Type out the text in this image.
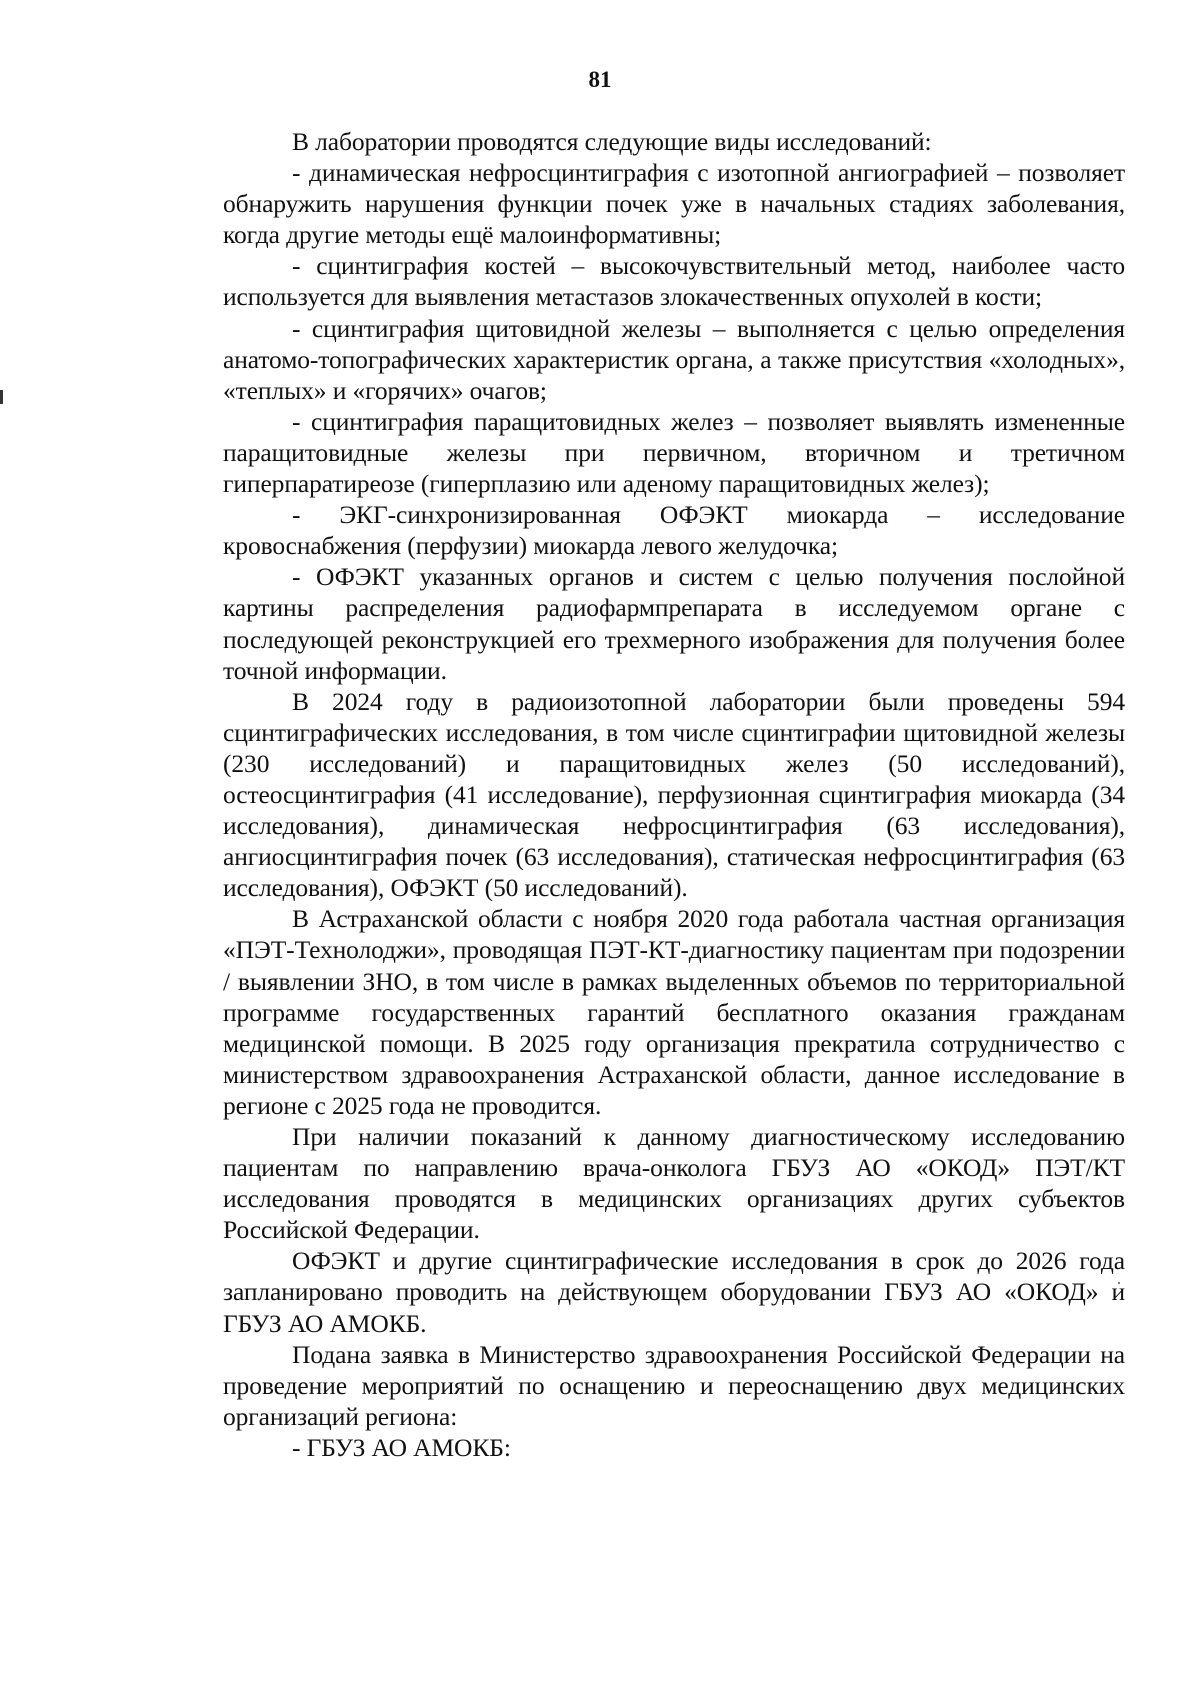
81

В лаборатории проводятся следующие виды исследований:

- динамическая нефросцинтиграфия с изотопной ангиографией – позволяет обнаружить нарушения функции почек уже в начальных стадиях заболевания, когда другие методы ещё малоинформативны;

- сцинтиграфия костей – высокочувствительный метод, наиболее часто используется для выявления метастазов злокачественных опухолей в кости;

- сцинтиграфия щитовидной железы – выполняется с целью определения анатомо-топографических характеристик органа, а также присутствия «холодных», «теплых» и «горячих» очагов;

- сцинтиграфия паращитовидных желез – позволяет выявлять измененные паращитовидные железы при первичном, вторичном и третичном гиперпаратиреозе (гиперплазию или аденому паращитовидных желез);

- ЭКГ-синхронизированная ОФЭКТ миокарда – исследование кровоснабжения (перфузии) миокарда левого желудочка;

- ОФЭКТ указанных органов и систем с целью получения послойной картины распределения радиофармпрепарата в исследуемом органе с последующей реконструкцией его трехмерного изображения для получения более точной информации.

В 2024 году в радиоизотопной лаборатории были проведены 594 сцинтиграфических исследования, в том числе сцинтиграфии щитовидной железы (230 исследований) и паращитовидных желез (50 исследований), остеосцинтиграфия (41 исследование), перфузионная сцинтиграфия миокарда (34 исследования), динамическая нефросцинтиграфия (63 исследования), ангиосцинтиграфия почек (63 исследования), статическая нефросцинтиграфия (63 исследования), ОФЭКТ (50 исследований).

В Астраханской области с ноября 2020 года работала частная организация «ПЭТ-Технолоджи», проводящая ПЭТ-КТ-диагностику пациентам при подозрении / выявлении ЗНО, в том числе в рамках выделенных объемов по территориальной программе государственных гарантий бесплатного оказания гражданам медицинской помощи. В 2025 году организация прекратила сотрудничество с министерством здравоохранения Астраханской области, данное исследование в регионе с 2025 года не проводится.

При наличии показаний к данному диагностическому исследованию пациентам по направлению врача-онколога ГБУЗ АО «ОКОД» ПЭТ/КТ исследования проводятся в медицинских организациях других субъектов Российской Федерации.

ОФЭКТ и другие сцинтиграфические исследования в срок до 2026 года запланировано проводить на действующем оборудовании ГБУЗ АО «ОКОД» и ГБУЗ АО АМОКБ.

Подана заявка в Министерство здравоохранения Российской Федерации на проведение мероприятий по оснащению и переоснащению двух медицинских организаций региона:

- ГБУЗ АО АМОКБ:
